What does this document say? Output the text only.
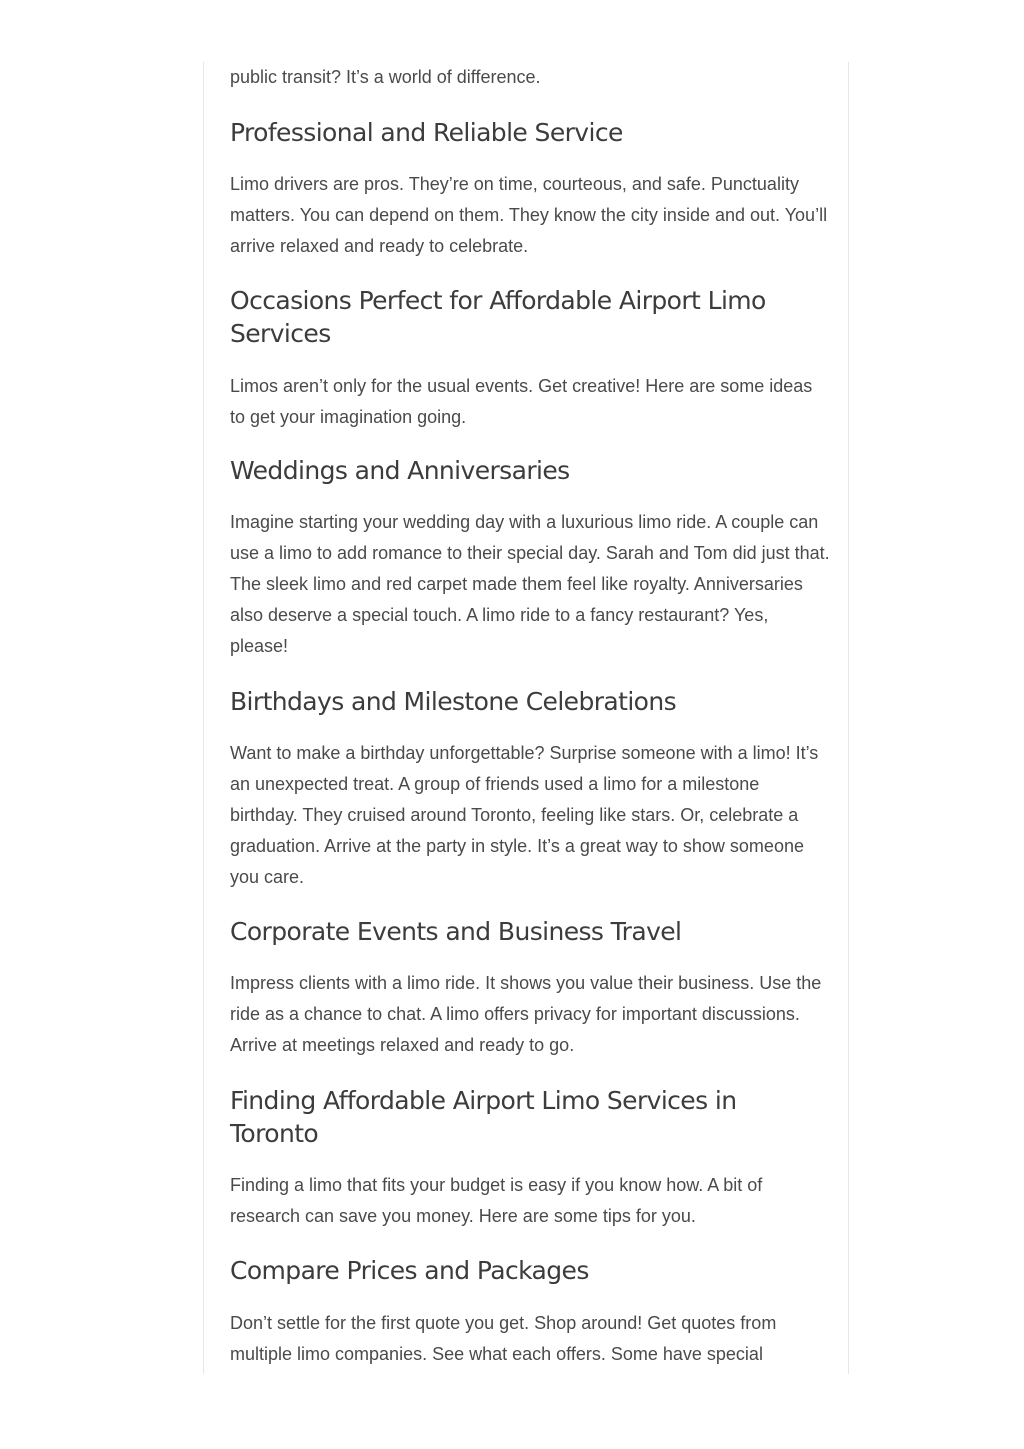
public transit? It’s a world of difference.

Professional and Reliable Service

Limo drivers are pros. They’re on time, courteous, and safe. Punctuality matters. You can depend on them. They know the city inside and out. You’ll arrive relaxed and ready to celebrate.

Occasions Perfect for Affordable Airport Limo Services

Limos aren’t only for the usual events. Get creative! Here are some ideas to get your imagination going.

Weddings and Anniversaries

Imagine starting your wedding day with a luxurious limo ride. A couple can use a limo to add romance to their special day. Sarah and Tom did just that. The sleek limo and red carpet made them feel like royalty. Anniversaries also deserve a special touch. A limo ride to a fancy restaurant? Yes, please!

Birthdays and Milestone Celebrations

Want to make a birthday unforgettable? Surprise someone with a limo! It’s an unexpected treat. A group of friends used a limo for a milestone birthday. They cruised around Toronto, feeling like stars. Or, celebrate a graduation. Arrive at the party in style. It’s a great way to show someone you care.

Corporate Events and Business Travel

Impress clients with a limo ride. It shows you value their business. Use the ride as a chance to chat. A limo offers privacy for important discussions. Arrive at meetings relaxed and ready to go.

Finding Affordable Airport Limo Services in Toronto

Finding a limo that fits your budget is easy if you know how. A bit of research can save you money. Here are some tips for you.

Compare Prices and Packages

Don’t settle for the first quote you get. Shop around! Get quotes from multiple limo companies. See what each offers. Some have special
